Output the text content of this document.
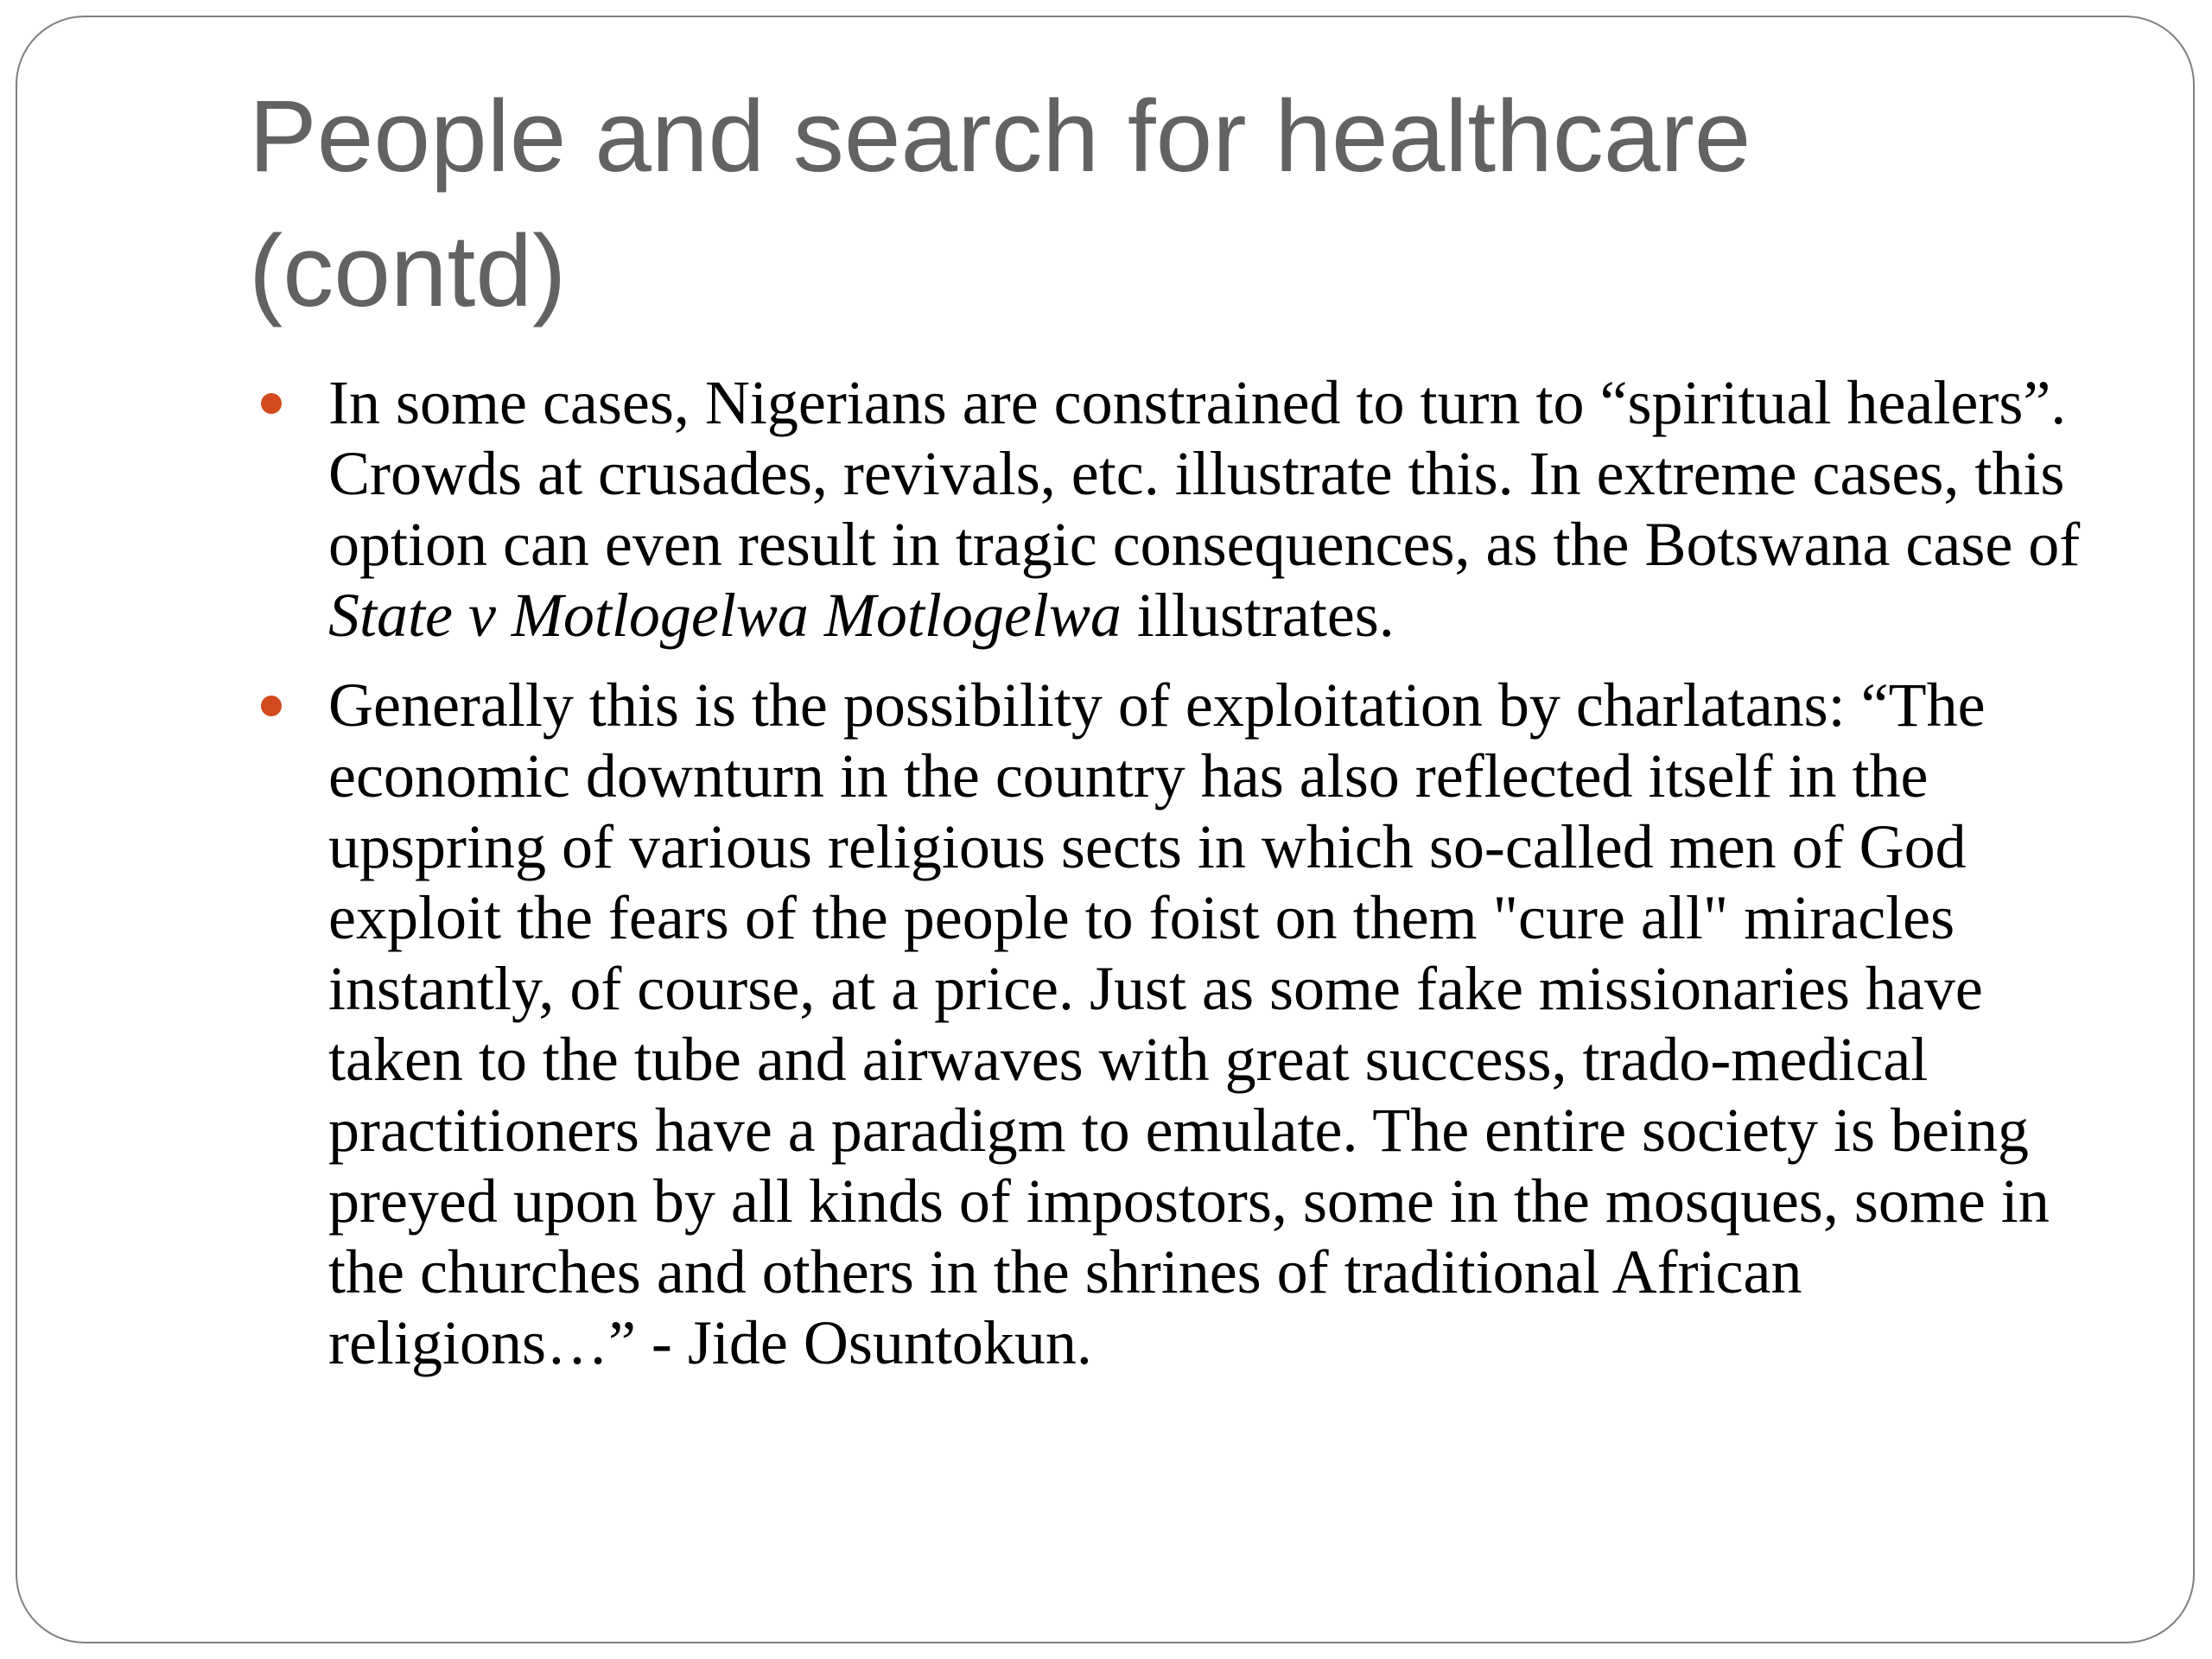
People and search for healthcare (contd)
In some cases, Nigerians are constrained to turn to “spiritual healers”. Crowds at crusades, revivals, etc. illustrate this. In extreme cases, this option can even result in tragic consequences, as the Botswana case of State v Motlogelwa Motlogelwa illustrates.
Generally this is the possibility of exploitation by charlatans: “The economic downturn in the country has also reflected itself in the upspring of various religious sects in which so-called men of God exploit the fears of the people to foist on them "cure all" miracles instantly, of course, at a price. Just as some fake missionaries have taken to the tube and airwaves with great success, trado-medical practitioners have a paradigm to emulate. The entire society is being preyed upon by all kinds of impostors, some in the mosques, some in the churches and others in the shrines of traditional African religions…” - Jide Osuntokun.
